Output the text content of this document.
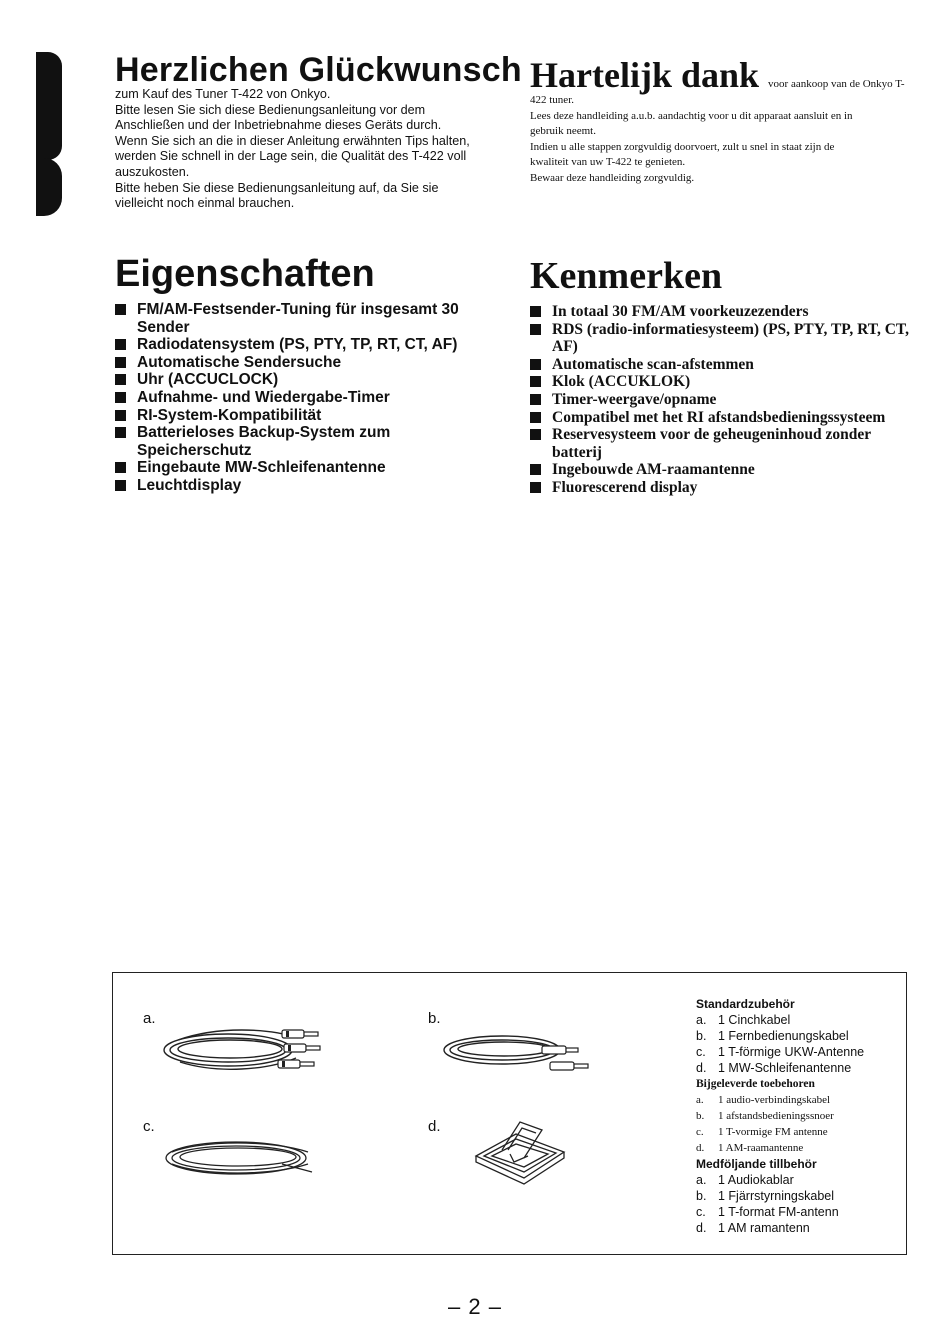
Herzlichen Glückwunsch
zum Kauf des Tuner T-422 von Onkyo.
Bitte lesen Sie sich diese Bedienungsanleitung vor dem
Anschließen und der Inbetriebnahme dieses Geräts durch.
Wenn Sie sich an die in dieser Anleitung erwähnten Tips halten,
werden Sie schnell in der Lage sein, die Qualität des T-422 voll
auszukosten.
Bitte heben Sie diese Bedienungsanleitung auf, da Sie sie
vielleicht noch einmal brauchen.
Hartelijk dank voor aankoop van de Onkyo T-
422 tuner.
Lees deze handleiding a.u.b. aandachtig voor u dit apparaat aansluit en in
gebruik neemt.
Indien u alle stappen zorgvuldig doorvoert, zult u snel in staat zijn de
kwaliteit van uw T-422 te genieten.
Bewaar deze handleiding zorgvuldig.
Eigenschaften
FM/AM-Festsender-Tuning für insgesamt 30 Sender
Radiodatensystem (PS, PTY, TP, RT, CT, AF)
Automatische Sendersuche
Uhr (ACCUCLOCK)
Aufnahme- und Wiedergabe-Timer
RI-System-Kompatibilität
Batterieloses Backup-System zum Speicherschutz
Eingebaute MW-Schleifenantenne
Leuchtdisplay
Kenmerken
In totaal 30 FM/AM voorkeuzezenders
RDS (radio-informatiesysteem) (PS, PTY, TP, RT, CT, AF)
Automatische scan-afstemmen
Klok (ACCUKLOK)
Timer-weergave/opname
Compatibel met het RI afstandsbedieningssysteem
Reservesysteem voor de geheugeninhoud zonder batterij
Ingebouwde AM-raamantenne
Fluorescerend display
a.	b.
c.	d.
Standardzubehör
a. 1 Cinchkabel
b. 1 Fernbedienungskabel
c. 1 T-förmige UKW-Antenne
d. 1 MW-Schleifenantenne
Bijgeleverde toebehoren
a. 1 audio-verbindingskabel
b. 1 afstandsbedieningssnoer
c. 1 T-vormige FM antenne
d. 1 AM-raamantenne
Medföljande tillbehör
a. 1 Audiokablar
b. 1 Fjärrstyrningskabel
c. 1 T-format FM-antenn
d. 1 AM ramantenn
– 2 –
